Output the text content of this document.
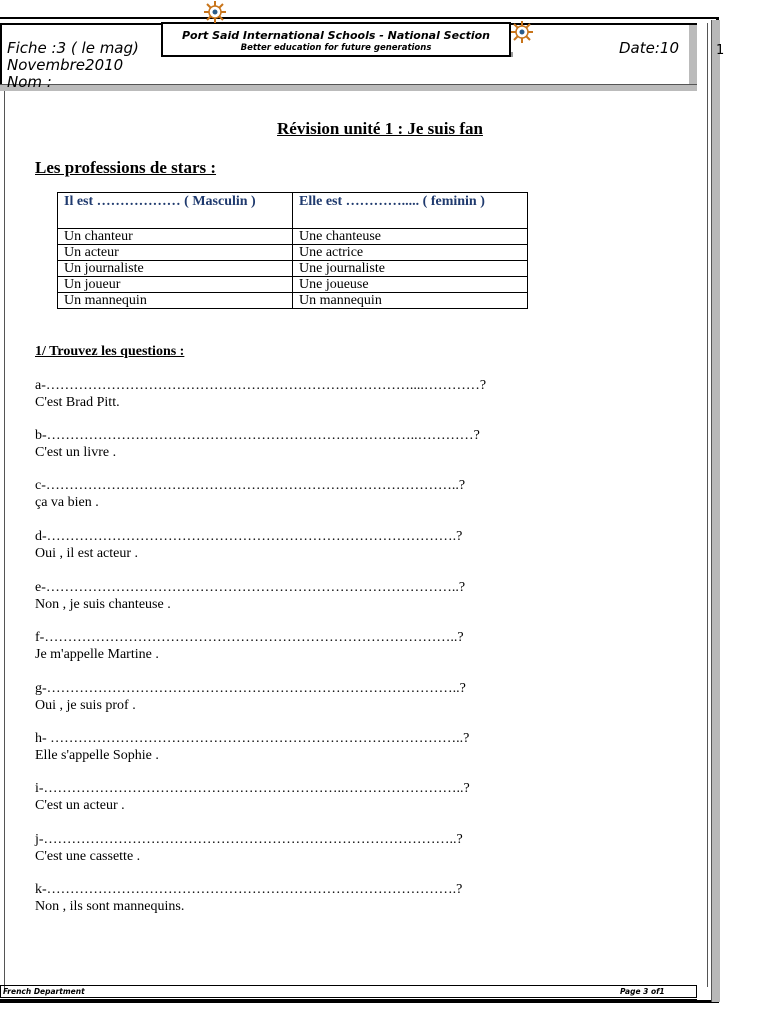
Port Said International Schools - National Section
Better education for future generations
Fiche :3 ( le mag)	Date:10
Novembre2010
Nom :
1
Révision unité 1 : Je suis fan
Les professions de stars :
Il est ……………… ( Masculin )	Elle est …………..... ( feminin )
Un chanteur	Une chanteuse
Un acteur	Une actrice
Un journaliste	Une journaliste
Un joueur	Une joueuse
Un mannequin	Un mannequin
1/ Trouvez les questions :
a-……………………………………………………………………....…………?
C'est Brad Pitt.
b-……………………………………………………………………..…………?
C'est un livre .
c-……………………………………………………………………………..?
ça va bien .
d-…………………………………………………………………………….?
Oui , il est acteur .
e-……………………………………………………………………………..?
Non , je suis chanteuse .
f-……………………………………………………………………………..?
Je m'appelle Martine .
g-……………………………………………………………………………..?
Oui , je suis prof .
h- ……………………………………………………………………………..?
Elle s'appelle Sophie .
i-………………………………………………………..……………………..?
C'est un acteur .
j-……………………………………………………………………………..?
C'est une cassette .
k-…………………………………………………………………………….?
Non , ils sont mannequins.
French Department	Page 3 of1
